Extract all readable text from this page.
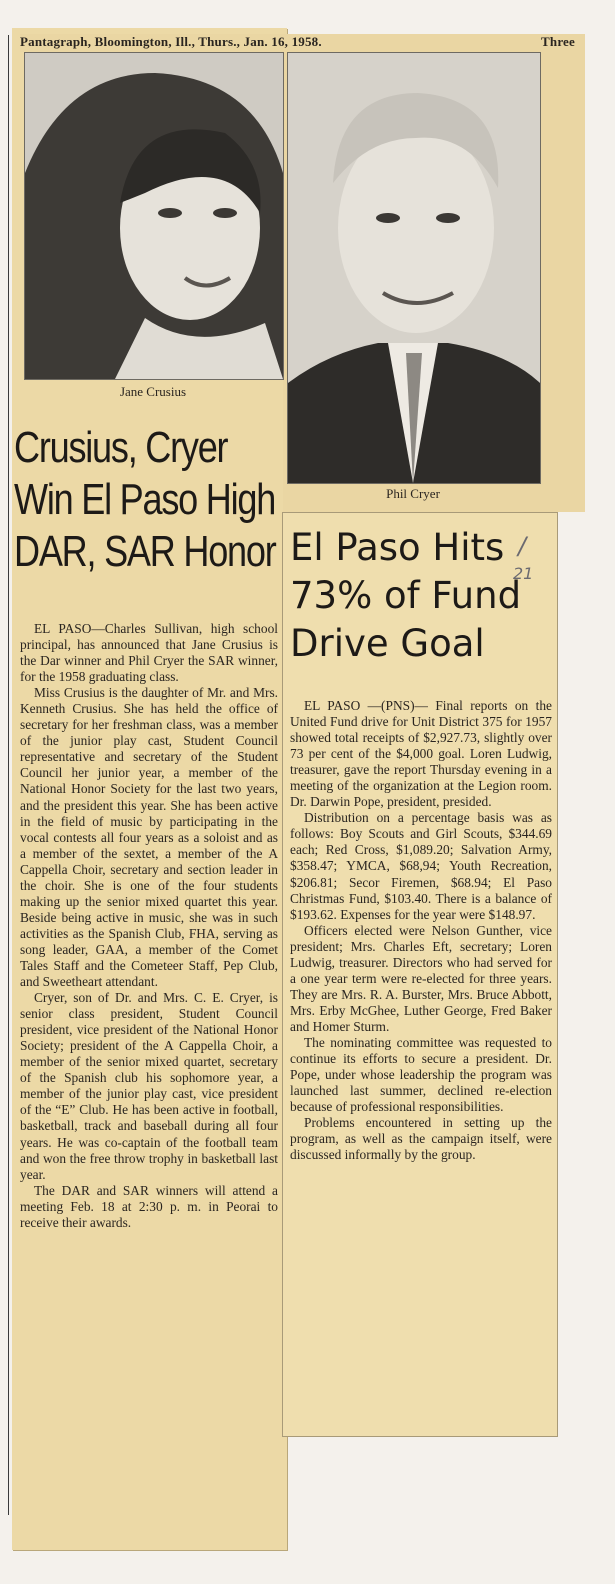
Pantagraph, Bloomington, Ill., Thurs., Jan. 16, 1958.	Three
Jane Crusius
Phil Cryer
Crusius, Cryer
Win El Paso High
DAR, SAR Honor

EL PASO—Charles Sullivan, high school principal, has announced that Jane Crusius is the Dar winner and Phil Cryer the SAR winner, for the 1958 graduating class.

Miss Crusius is the daughter of Mr. and Mrs. Kenneth Crusius. She has held the office of secretary for her freshman class, was a member of the junior play cast, Student Council representative and secretary of the Student Council her junior year, a member of the National Honor Society for the last two years, and the president this year. She has been active in the field of music by participating in the vocal contests all four years as a soloist and as a member of the sextet, a member of the A Cappella Choir, secretary and section leader in the choir. She is one of the four students making up the senior mixed quartet this year. Beside being active in music, she was in such activities as the Spanish Club, FHA, serving as song leader, GAA, a member of the Comet Tales Staff and the Cometeer Staff, Pep Club, and Sweetheart attendant.

Cryer, son of Dr. and Mrs. C. E. Cryer, is senior class president, Student Council president, vice president of the National Honor Society; president of the A Cappella Choir, a member of the senior mixed quartet, secretary of the Spanish club his sophomore year, a member of the junior play cast, vice president of the “E” Club. He has been active in football, basketball, track and baseball during all four years. He was co-captain of the football team and won the free throw trophy in basketball last year.

The DAR and SAR winners will attend a meeting Feb. 18 at 2:30 p. m. in Peorai to receive their awards.

El Paso Hits
73% of Fund
Drive Goal
/
21

EL PASO —(PNS)— Final reports on the United Fund drive for Unit District 375 for 1957 showed total receipts of $2,927.73, slightly over 73 per cent of the $4,000 goal. Loren Ludwig, treasurer, gave the report Thursday evening in a meeting of the organization at the Legion room. Dr. Darwin Pope, president, presided.

Distribution on a percentage basis was as follows: Boy Scouts and Girl Scouts, $344.69 each; Red Cross, $1,089.20; Salvation Army, $358.47; YMCA, $68,94; Youth Recreation, $206.81; Secor Firemen, $68.94; El Paso Christmas Fund, $103.40. There is a balance of $193.62. Expenses for the year were $148.97.

Officers elected were Nelson Gunther, vice president; Mrs. Charles Eft, secretary; Loren Ludwig, treasurer. Directors who had served for a one year term were re-elected for three years. They are Mrs. R. A. Burster, Mrs. Bruce Abbott, Mrs. Erby McGhee, Luther George, Fred Baker and Homer Sturm.

The nominating committee was requested to continue its efforts to secure a president. Dr. Pope, under whose leadership the program was launched last summer, declined re-election because of professional responsibilities.

Problems encountered in setting up the program, as well as the campaign itself, were discussed informally by the group.
